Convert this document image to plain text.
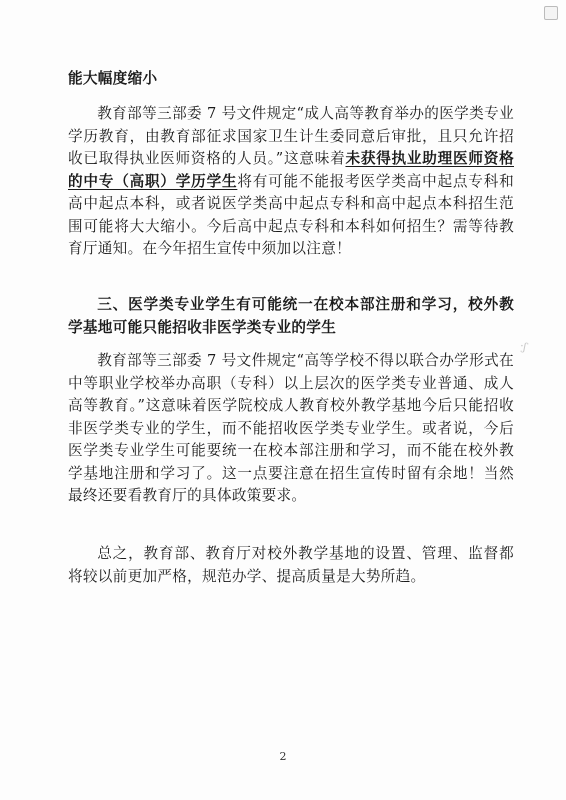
·ʃ

能大幅度缩小

教育部等三部委 7 号文件规定“成人高等教育举办的医学类专业学历教育，由教育部征求国家卫生计生委同意后审批，且只允许招收已取得执业医师资格的人员。”这意味着未获得执业助理医师资格的中专（高职）学历学生将有可能不能报考医学类高中起点专科和高中起点本科，或者说医学类高中起点专科和高中起点本科招生范围可能将大大缩小。今后高中起点专科和本科如何招生？需等待教育厅通知。在今年招生宣传中须加以注意！

三、医学类专业学生有可能统一在校本部注册和学习，校外教学基地可能只能招收非医学类专业的学生

教育部等三部委 7 号文件规定“高等学校不得以联合办学形式在中等职业学校举办高职（专科）以上层次的医学类专业普通、成人高等教育。”这意味着医学院校成人教育校外教学基地今后只能招收非医学类专业的学生，而不能招收医学类专业学生。或者说，今后医学类专业学生可能要统一在校本部注册和学习，而不能在校外教学基地注册和学习了。这一点要注意在招生宣传时留有余地！当然最终还要看教育厅的具体政策要求。

总之，教育部、教育厅对校外教学基地的设置、管理、监督都将较以前更加严格，规范办学、提高质量是大势所趋。

2
